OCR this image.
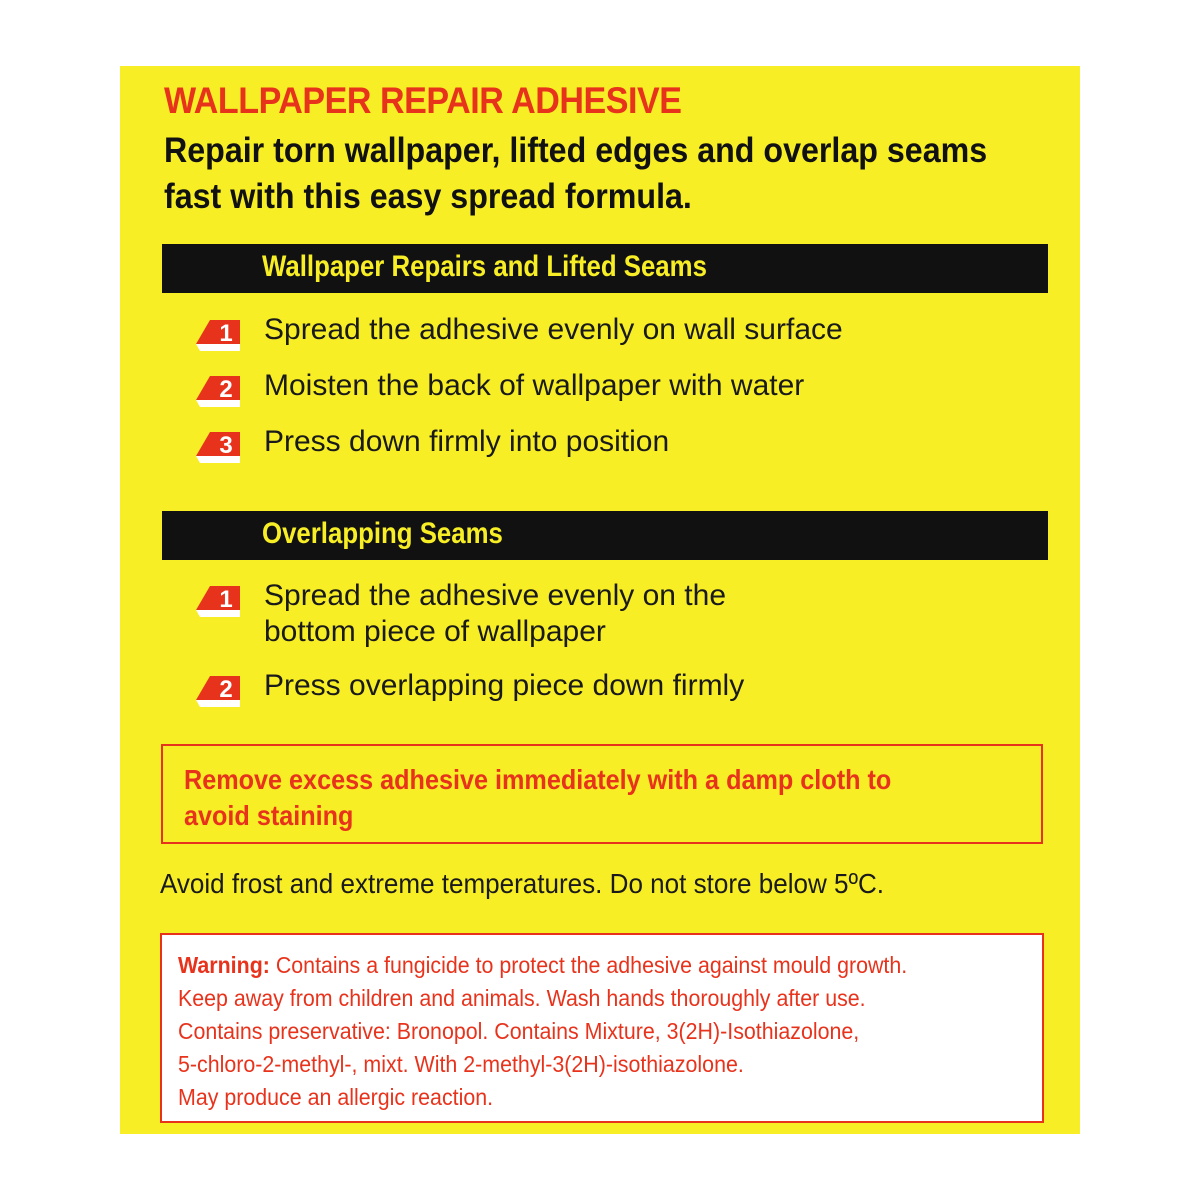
WALLPAPER REPAIR ADHESIVE
Repair torn wallpaper, lifted edges and overlap seams
fast with this easy spread formula.
Wallpaper Repairs and Lifted Seams
1 Spread the adhesive evenly on wall surface
2 Moisten the back of wallpaper with water
3 Press down firmly into position
Overlapping Seams
1 Spread the adhesive evenly on the
bottom piece of wallpaper
2 Press overlapping piece down firmly
Remove excess adhesive immediately with a damp cloth to
avoid staining
Avoid frost and extreme temperatures. Do not store below 5ºC.
Warning: Contains a fungicide to protect the adhesive against mould growth.
Keep away from children and animals. Wash hands thoroughly after use.
Contains preservative: Bronopol. Contains Mixture, 3(2H)-Isothiazolone,
5-chloro-2-methyl-, mixt. With 2-methyl-3(2H)-isothiazolone.
May produce an allergic reaction.
